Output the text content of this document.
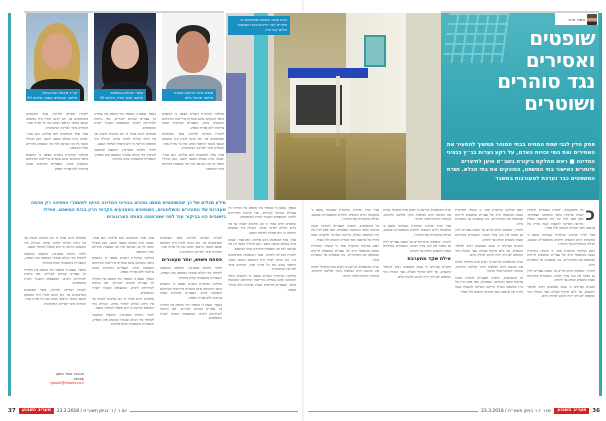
עו״ד מיכאל וזביה-גוטל
צילום: אבשלום ששוני, פלאש 90
שקד: מרתק-הבמאים
צילום: יונתן זינדל, פלאש 90
סגנית מיכל הויקינג-אוחנה
צילום: מיכאל גלמן

לשרות המדינה ולביתה, אשר השופטים משתמשים בה. הם הגיעו לבניין בית המשפט ונכנסו בשער הראשי ממש כמו כל אזרח אחר, והמתינו בתור לבדיקה הביטחונית.

אבל, אחד השופטים ניגש אליהם. הוא אמר: ׳אנחנו נהיה באולם בשעה תשע׳. כאן מתחיל הפער בין מה שנראה לבין מה שבאמת מתרחש בבתי המשפט.

מחלקת הביקורת בשב״ס מצאה כי התנאים בתאי ההמתנה אינם עומדים בדרישות המינימום הקבועות בחוק. העצורים מוחזקים שעות ארוכות ללא אוורור מספק.

בנוסף, נמצא כי במספר בתי משפט אין הפרדה בין עצורים קטינים לבגירים, ואין נגישות לשירותים ולמים. הממצאים הועברו לשרת המשפטים.

שופטים רבים אמרו כי הם מודעים לבעיה אך אין בידם הכלים לפתור אותה. הנהלת בתי המשפט הודיעה כי היא פועלת לשיפור המצב.

לדברי גורמים במערכת, התקציב שהוקצה לשיפוץ בתי הכלא שבבתי המשפט אינו מספיק, והעבודות מתעכבות שנים ארוכות.

מחלקת הביקורת בשב״ס מצאה כי התנאים בתאי ההמתנה אינם עומדים בדרישות המינימום הקבועות בחוק. העצורים מוחזקים שעות ארוכות ללא אוורור מספק.

לשרות המדינה ולביתה, אשר השופטים משתמשים בה. הם הגיעו לבניין בית המשפט ונכנסו בשער הראשי ממש כמו כל אזרח אחר, והמתינו בתור לבדיקה הביטחונית.

אבל, אחד השופטים ניגש אליהם. הוא אמר: ׳אנחנו נהיה באולם בשעה תשע׳. כאן מתחיל הפער בין מה שנראה לבין מה שבאמת מתרחש בבתי המשפט.

מידע מגלים של כך שהשופטים ממשו נוהגים בבנייני המדינה הגיעו לאשחרי הספינה רק מכמה מעברות של הסוהרים והשלטונים, השופטים באצבעים הקדמי הרין בבית המשפט. אפילו בישובים הוו בביקור עוד לפני שמרמטנו באותו הארונובים

שופטים רבים אמרו כי הם מודעים לבעיה אך אין בידם הכלים לפתור אותה. הנהלת בתי המשפט הודיעה כי היא פועלת לשיפור המצב.

לדברי גורמים במערכת, התקציב שהוקצה לשיפוץ בתי הכלא שבבתי המשפט אינו מספיק, והעבודות מתעכבות שנים ארוכות.

בנוסף, נמצא כי במספר בתי משפט אין הפרדה בין עצורים קטינים לבגירים, ואין נגישות לשירותים ולמים. הממצאים הועברו לשרת המשפטים.

לשרות המדינה ולביתה, אשר השופטים משתמשים בה. הם הגיעו לבניין בית המשפט ונכנסו בשער הראשי ממש כמו כל אזרח אחר, והמתינו בתור לבדיקה הביטחונית.

אבל, אחד השופטים ניגש אליהם. הוא אמר: ׳אנחנו נהיה באולם בשעה תשע׳. כאן מתחיל הפער בין מה שנראה לבין מה שבאמת מתרחש בבתי המשפט.

מחלקת הביקורת בשב״ס מצאה כי התנאים בתאי ההמתנה אינם עומדים בדרישות המינימום הקבועות בחוק. העצורים מוחזקים שעות ארוכות ללא אוורור מספק.

בנוסף, נמצא כי במספר בתי משפט אין הפרדה בין עצורים קטינים לבגירים, ואין נגישות לשירותים ולמים. הממצאים הועברו לשרת המשפטים.

שופטים רבים אמרו כי הם מודעים לבעיה אך אין בידם הכלים לפתור אותה. הנהלת בתי המשפט הודיעה כי היא פועלת לשיפור המצב.

לדברי גורמים במערכת, התקציב שהוקצה לשיפוץ בתי הכלא שבבתי המשפט אינו מספיק, והעבודות מתעכבות שנים ארוכות.

לשרות המדינה ולביתה, אשר השופטים משתמשים בה. הם הגיעו לבניין בית המשפט ונכנסו בשער הראשי ממש כמו כל אזרח אחר, והמתינו בתור לבדיקה הביטחונית.

פסחת פשוש, יותר מעצורים

לדברי גורמים במערכת, התקציב שהוקצה לשיפוץ בתי הכלא שבבתי המשפט אינו מספיק, והעבודות מתעכבות שנים ארוכות.

מחלקת הביקורת בשב״ס מצאה כי התנאים בתאי ההמתנה אינם עומדים בדרישות המינימום הקבועות בחוק. העצורים מוחזקים שעות ארוכות ללא אוורור מספק.

בנוסף, נמצא כי במספר בתי משפט אין הפרדה בין עצורים קטינים לבגירים, ואין נגישות לשירותים ולמים. הממצאים הועברו לשרת המשפטים.

בנוסף, נמצא כי במספר בתי משפט אין הפרדה בין עצורים קטינים לבגירים, ואין נגישות לשירותים ולמים. הממצאים הועברו לשרת המשפטים.

שופטים רבים אמרו כי הם מודעים לבעיה אך אין בידם הכלים לפתור אותה. הנהלת בתי המשפט הודיעה כי היא פועלת לשיפור המצב.

אבל, אחד השופטים ניגש אליהם. הוא אמר: ׳אנחנו נהיה באולם בשעה תשע׳. כאן מתחיל הפער בין מה שנראה לבין מה שבאמת מתרחש בבתי המשפט.

לשרות המדינה ולביתה, אשר השופטים משתמשים בה. הם הגיעו לבניין בית המשפט ונכנסו בשער הראשי ממש כמו כל אזרח אחר, והמתינו בתור לבדיקה הביטחונית.

מחלקת הביקורת בשב״ס מצאה כי התנאים בתאי ההמתנה אינם עומדים בדרישות המינימום הקבועות בחוק. העצורים מוחזקים שעות ארוכות ללא אוורור מספק.

תגובות: אמיר נחשון
שפתות
tgrosh@maariv.co.il
37	מעריב השבוע	יום ו׳ / ו׳ בניסן תשע״ח / 23.3.2018
בבית מעצר ומבטח שמוחזקים בו אסירים לפני הדיונים בבית המשפט. צילום: אבי צליו
אמיר זוהר
שופטים
ואסירים
נגד סוהרים
ושוטרים
פסק הדין לגבי שפת המחיה בבתי הסוהר ממשיך להסעיר את האסירים ואת גופי זכויות האדם, על רקע גערות בג״ץ בנציגי המדינה ■ ראש מחלקת ביקורת בשב״ס טוען לחיצרים מיותרים כאישור בתי המשפט, המונקים את בתי הכלא. ושרת המשפטים כבר נערכת למעורבות במשבר
כ

כל מתעקשים, ימשיכו העצורים להמתין שעות ארוכות בתאי ההמתנה הצפופים. מאז פסק הדין של בית המשפט העליון נדרשה המדינה להקצות שטח מחיה של ארבעה וחצי מטרים רבועים לכל אסיר.

אבל הדרך ארוכה. בביקורת שנערכה נמצא כי במקומות רבים התנאים רחוקים מהסטנדרט שנקבע, ובחלק מהמקרים אף החמירו.

ראש מחלקת הביקורת אמר כי הבעיה המרכזית נובעת מהמספר הרב של עצורים המובאים לדיונים שבסופם הם משוחררים, מה שמעמיס על המערכת כולה.

לדבריו, שופטים רבים מורים על הבאת עצורים לדיון גם כאשר אין בכך צורך ממשי, והעצורים ממתינים שעות בתנאים קשים עד לתורם.

בשב״ס מציינים כי נעשו מאמצים רבים לשיפור התנאים, אך ללא שיתוף פעולה מצד הנהלת בתי המשפט לא ניתן יהיה להגיע לפתרון מלא.

ראש מחלקת הביקורת אמר כי הבעיה המרכזית נובעת מהמספר הרב של עצורים המובאים לדיונים שבסופם הם משוחררים, מה שמעמיס על המערכת כולה.

לדבריו, שופטים רבים מורים על הבאת עצורים לדיון גם כאשר אין בכך צורך ממשי, והעצורים ממתינים שעות בתנאים קשים עד לתורם.

בשב״ס מציינים כי נעשו מאמצים רבים לשיפור התנאים, אך ללא שיתוף פעולה מצד הנהלת בתי המשפט לא ניתן יהיה להגיע לפתרון מלא.

שרת המשפטים הודיעה כי תקים צוות משותף שיבחן את הנושא ויגיש המלצות בתוך שלושה חודשים, במטרה להביא לשינוי מהותי.

כל מתעקשים, ימשיכו העצורים להמתין שעות ארוכות בתאי ההמתנה הצפופים. מאז פסק הדין של בית המשפט העליון נדרשה המדינה להקצות שטח מחיה של ארבעה וחצי מטרים רבועים לכל אסיר.

שרת המשפטים הודיעה כי תקים צוות משותף שיבחן את הנושא ויגיש המלצות בתוך שלושה חודשים, במטרה להביא לשינוי מהותי.

אבל הדרך ארוכה. בביקורת שנערכה נמצא כי במקומות רבים התנאים רחוקים מהסטנדרט שנקבע, ובחלק מהמקרים אף החמירו.

לדבריו, שופטים רבים מורים על הבאת עצורים לדיון גם כאשר אין בכך צורך ממשי, והעצורים ממתינים שעות בתנאים קשים עד לתורם.

אילת שקד מתערבת

בשב״ס מציינים כי נעשו מאמצים רבים לשיפור התנאים, אך ללא שיתוף פעולה מצד הנהלת בתי המשפט לא ניתן יהיה להגיע לפתרון מלא.

אבל הדרך ארוכה. בביקורת שנערכה נמצא כי במקומות רבים התנאים רחוקים מהסטנדרט שנקבע, ובחלק מהמקרים אף החמירו.

כל מתעקשים, ימשיכו העצורים להמתין שעות ארוכות בתאי ההמתנה הצפופים. מאז פסק הדין של בית המשפט העליון נדרשה המדינה להקצות שטח מחיה של ארבעה וחצי מטרים רבועים לכל אסיר.

ראש מחלקת הביקורת אמר כי הבעיה המרכזית נובעת מהמספר הרב של עצורים המובאים לדיונים שבסופם הם משוחררים, מה שמעמיס על המערכת כולה.

שרת המשפטים הודיעה כי תקים צוות משותף שיבחן את הנושא ויגיש המלצות בתוך שלושה חודשים, במטרה להביא לשינוי מהותי.

יום ו׳ / ו׳ בניסן תשע״ח / 23.3.2018	מעריב השבוע	36
